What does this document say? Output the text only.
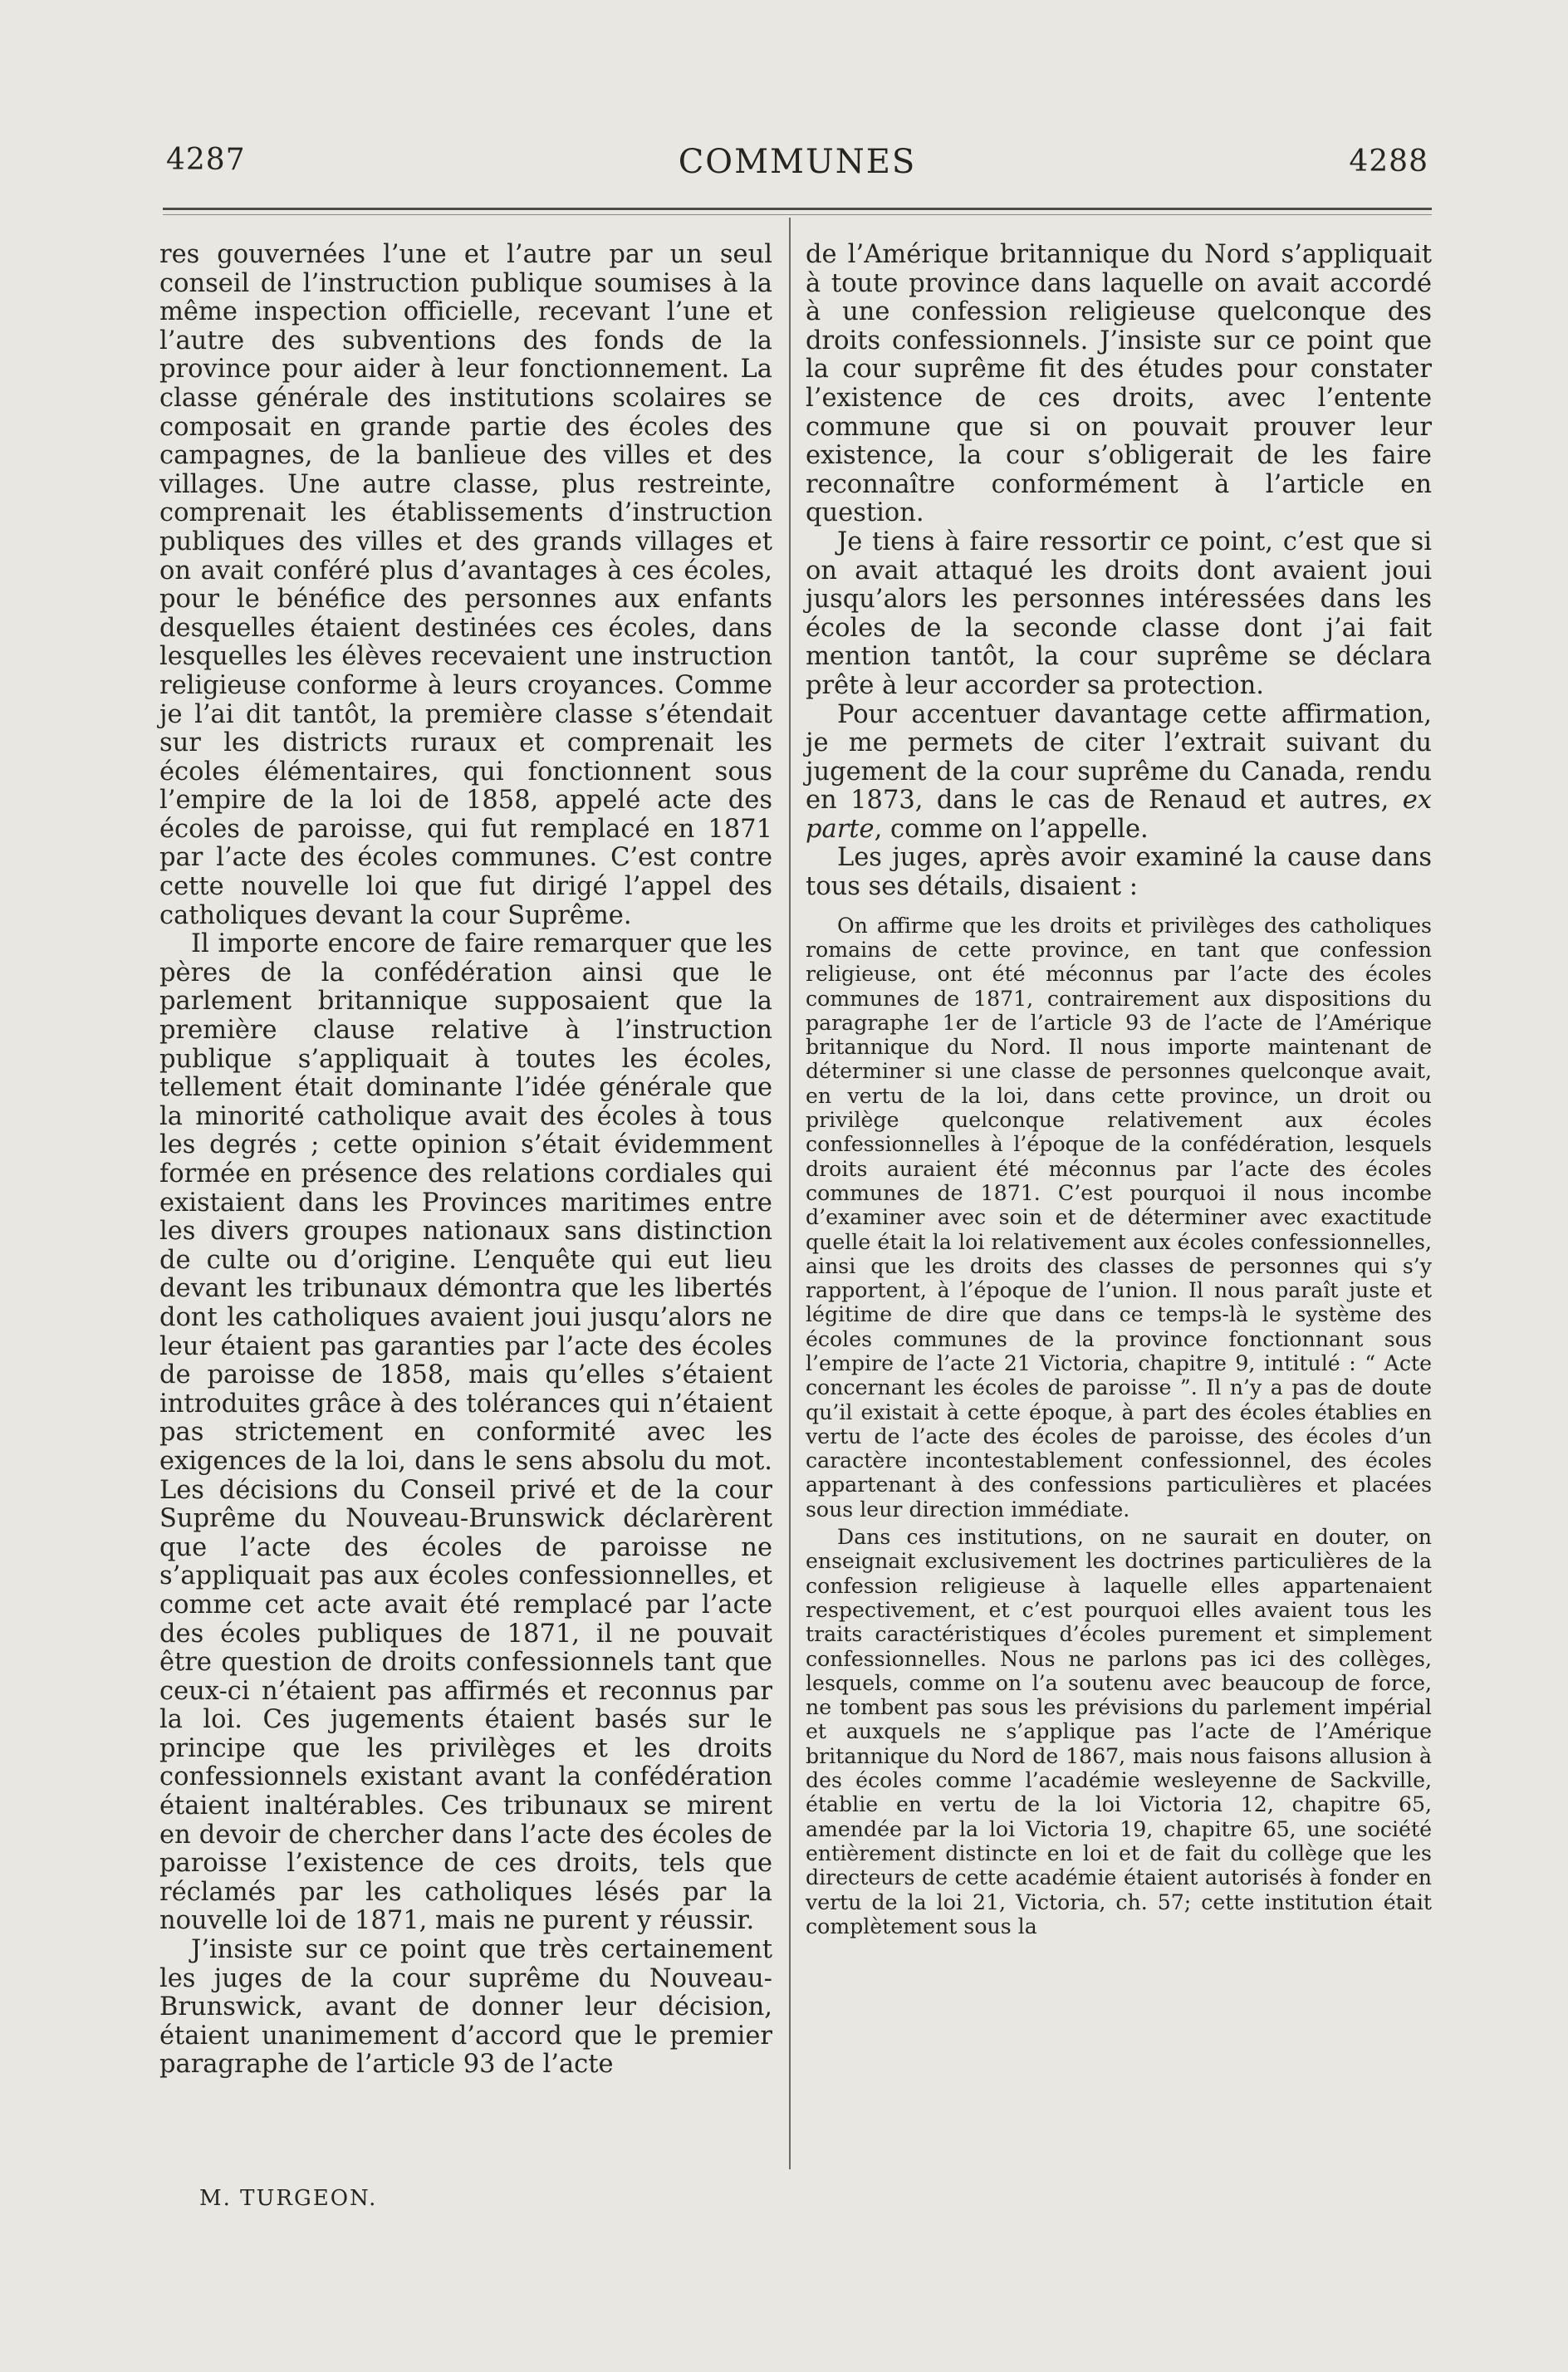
4287	COMMUNES	4288

res gouvernées l’une et l’autre par un seul conseil de l’instruction publique soumises à la même inspection officielle, recevant l’une et l’autre des subventions des fonds de la province pour aider à leur fonctionnement. La classe générale des institutions scolaires se composait en grande partie des écoles des campagnes, de la banlieue des villes et des villages. Une autre classe, plus restreinte, comprenait les établissements d’instruction publiques des villes et des grands villages et on avait conféré plus d’avantages à ces écoles, pour le bénéfice des personnes aux enfants desquelles étaient destinées ces écoles, dans lesquelles les élèves recevaient une instruction religieuse conforme à leurs croyances. Comme je l’ai dit tantôt, la première classe s’étendait sur les districts ruraux et comprenait les écoles élémentaires, qui fonctionnent sous l’empire de la loi de 1858, appelé acte des écoles de paroisse, qui fut remplacé en 1871 par l’acte des écoles communes. C’est contre cette nouvelle loi que fut dirigé l’appel des catholiques devant la cour Suprême.

Il importe encore de faire remarquer que les pères de la confédération ainsi que le parlement britannique supposaient que la première clause relative à l’instruction publique s’appliquait à toutes les écoles, tellement était dominante l’idée générale que la minorité catholique avait des écoles à tous les degrés ; cette opinion s’était évidemment formée en présence des relations cordiales qui existaient dans les Provinces maritimes entre les divers groupes nationaux sans distinction de culte ou d’origine. L’enquête qui eut lieu devant les tribunaux démontra que les libertés dont les catholiques avaient joui jusqu’alors ne leur étaient pas garanties par l’acte des écoles de paroisse de 1858, mais qu’elles s’étaient introduites grâce à des tolérances qui n’étaient pas strictement en conformité avec les exigences de la loi, dans le sens absolu du mot. Les décisions du Conseil privé et de la cour Suprême du Nouveau-Brunswick déclarèrent que l’acte des écoles de paroisse ne s’appliquait pas aux écoles confessionnelles, et comme cet acte avait été remplacé par l’acte des écoles publiques de 1871, il ne pouvait être question de droits confessionnels tant que ceux-ci n’étaient pas affirmés et reconnus par la loi. Ces jugements étaient basés sur le principe que les privilèges et les droits confessionnels existant avant la confédération étaient inaltérables. Ces tribunaux se mirent en devoir de chercher dans l’acte des écoles de paroisse l’existence de ces droits, tels que réclamés par les catholiques lésés par la nouvelle loi de 1871, mais ne purent y réussir.

J’insiste sur ce point que très certainement les juges de la cour suprême du Nouveau-Brunswick, avant de donner leur décision, étaient unanimement d’accord que le premier paragraphe de l’article 93 de l’acte

de l’Amérique britannique du Nord s’appliquait à toute province dans laquelle on avait accordé à une confession religieuse quelconque des droits confessionnels. J’insiste sur ce point que la cour suprême fit des études pour constater l’existence de ces droits, avec l’entente commune que si on pouvait prouver leur existence, la cour s’obligerait de les faire reconnaître conformément à l’article en question.

Je tiens à faire ressortir ce point, c’est que si on avait attaqué les droits dont avaient joui jusqu’alors les personnes intéressées dans les écoles de la seconde classe dont j’ai fait mention tantôt, la cour suprême se déclara prête à leur accorder sa protection.

Pour accentuer davantage cette affirmation, je me permets de citer l’extrait suivant du jugement de la cour suprême du Canada, rendu en 1873, dans le cas de Renaud et autres, ex parte, comme on l’appelle.

Les juges, après avoir examiné la cause dans tous ses détails, disaient :

On affirme que les droits et privilèges des catholiques romains de cette province, en tant que confession religieuse, ont été méconnus par l’acte des écoles communes de 1871, contrairement aux dispositions du paragraphe 1er de l’article 93 de l’acte de l’Amérique britannique du Nord. Il nous importe maintenant de déterminer si une classe de personnes quelconque avait, en vertu de la loi, dans cette province, un droit ou privilège quelconque relativement aux écoles confessionnelles à l’époque de la confédération, lesquels droits auraient été méconnus par l’acte des écoles communes de 1871. C’est pourquoi il nous incombe d’examiner avec soin et de déterminer avec exactitude quelle était la loi relativement aux écoles confessionnelles, ainsi que les droits des classes de personnes qui s’y rapportent, à l’époque de l’union. Il nous paraît juste et légitime de dire que dans ce temps-là le système des écoles communes de la province fonctionnant sous l’empire de l’acte 21 Victoria, chapitre 9, intitulé : “ Acte concernant les écoles de paroisse ”. Il n’y a pas de doute qu’il existait à cette époque, à part des écoles établies en vertu de l’acte des écoles de paroisse, des écoles d’un caractère incontestablement confessionnel, des écoles appartenant à des confessions particulières et placées sous leur direction immédiate.

Dans ces institutions, on ne saurait en douter, on enseignait exclusivement les doctrines particulières de la confession religieuse à laquelle elles appartenaient respectivement, et c’est pourquoi elles avaient tous les traits caractéristiques d’écoles purement et simplement confessionnelles. Nous ne parlons pas ici des collèges, lesquels, comme on l’a soutenu avec beaucoup de force, ne tombent pas sous les prévisions du parlement impérial et auxquels ne s’applique pas l’acte de l’Amérique britannique du Nord de 1867, mais nous faisons allusion à des écoles comme l’académie wesleyenne de Sackville, établie en vertu de la loi Victoria 12, chapitre 65, amendée par la loi Victoria 19, chapitre 65, une société entièrement distincte en loi et de fait du collège que les directeurs de cette académie étaient autorisés à fonder en vertu de la loi 21, Victoria, ch. 57; cette institution était complètement sous la

M. TURGEON.
